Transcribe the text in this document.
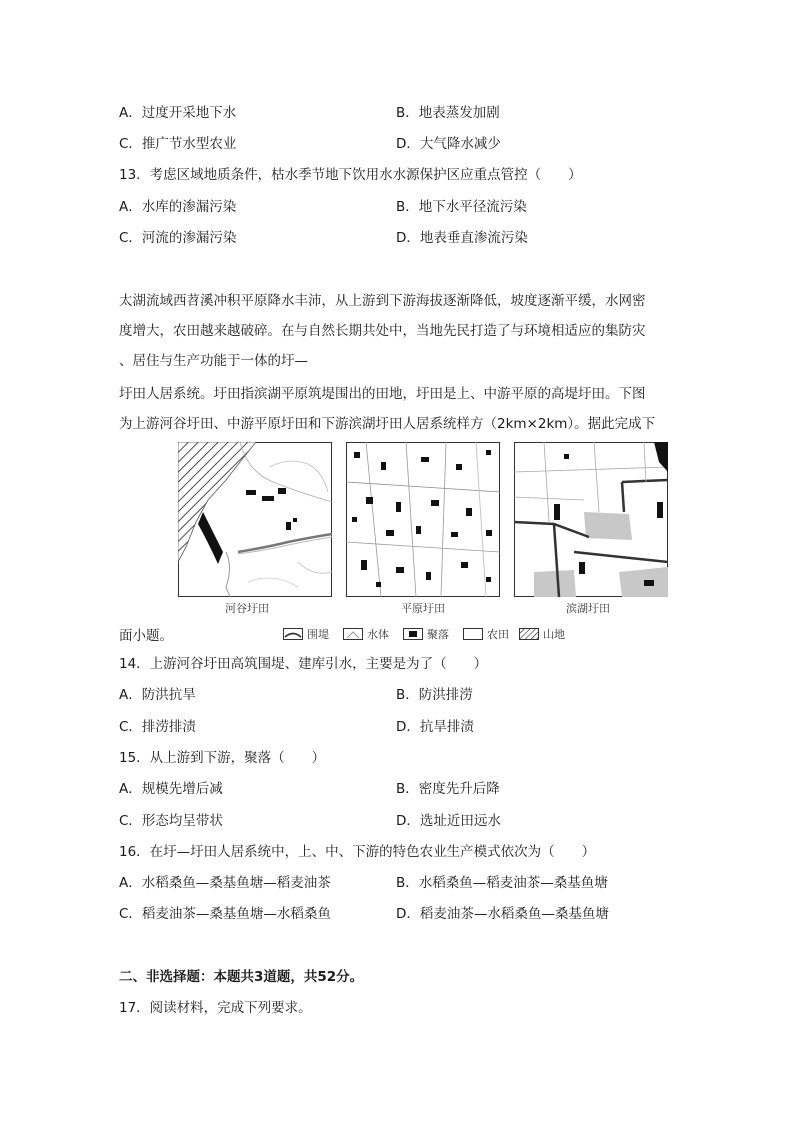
A．过度开采地下水	B．地表蒸发加剧
C．推广节水型农业	D．大气降水减少
13．考虑区域地质条件，枯水季节地下饮用水水源保护区应重点管控（　　）
A．水库的渗漏污染	B．地下水平径流污染
C．河流的渗漏污染	D．地表垂直渗流污染
太湖流域西苕溪冲积平原降水丰沛，从上游到下游海拔逐渐降低，坡度逐渐平缓，水网密
度增大，农田越来越破碎。在与自然长期共处中，当地先民打造了与环境相适应的集防灾
、居住与生产功能于一体的圩—
圩田人居系统。圩田指滨湖平原筑堤围出的田地，圩田是上、中游平原的高堤圩田。下图
为上游河谷圩田、中游平原圩田和下游滨湖圩田人居系统样方（2km×2km）。据此完成下
河谷圩田	平原圩田	滨湖圩田
面小题。	围堤	水体	聚落	农田	山地
14．上游河谷圩田高筑围堤、建库引水，主要是为了（　　）
A．防洪抗旱	B．防洪排涝
C．排涝排渍	D．抗旱排渍
15．从上游到下游，聚落（　　）
A．规模先增后减	B．密度先升后降
C．形态均呈带状	D．选址近田远水
16．在圩—圩田人居系统中，上、中、下游的特色农业生产模式依次为（　　）
A．水稻桑鱼—桑基鱼塘—稻麦油茶	B．水稻桑鱼—稻麦油茶—桑基鱼塘
C．稻麦油茶—桑基鱼塘—水稻桑鱼	D．稻麦油茶—水稻桑鱼—桑基鱼塘
二、非选择题：本题共3道题，共52分。
17．阅读材料，完成下列要求。
